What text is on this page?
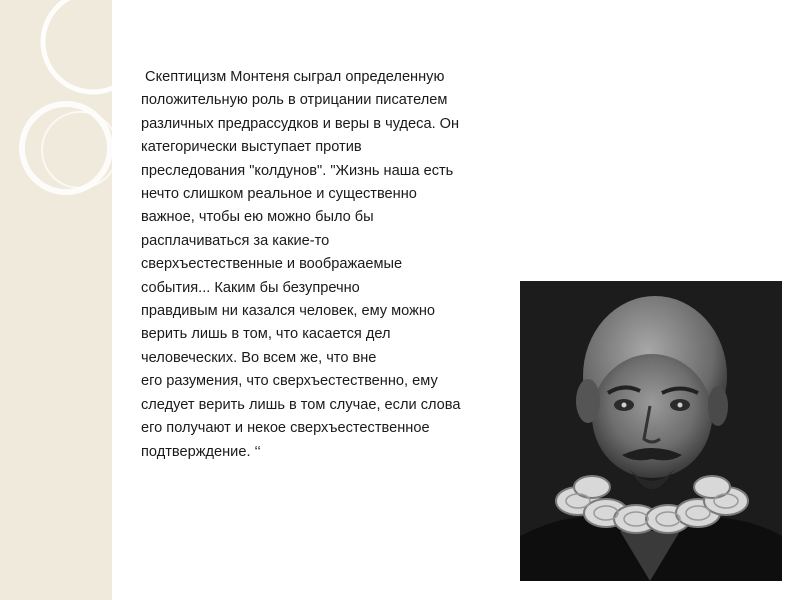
Скептицизм Монтеня сыграл определенную
положительную роль в отрицании писателем
различных предрассудков и веры в чудеса. Он
категорически выступает против
преследования "колдунов". "Жизнь наша есть
нечто слишком реальное и существенно
важное, чтобы ею можно было бы
расплачиваться за какие-то
сверхъестественные и воображаемые
события... Каким бы безупречно
правдивым ни казался человек, ему можно
верить лишь в том, что касается дел
человеческих. Во всем же, что вне
его разумения, что сверхъестественно, ему
следует верить лишь в том случае, если слова
его получают и некое сверхъестественное
подтверждение. ‘‘
